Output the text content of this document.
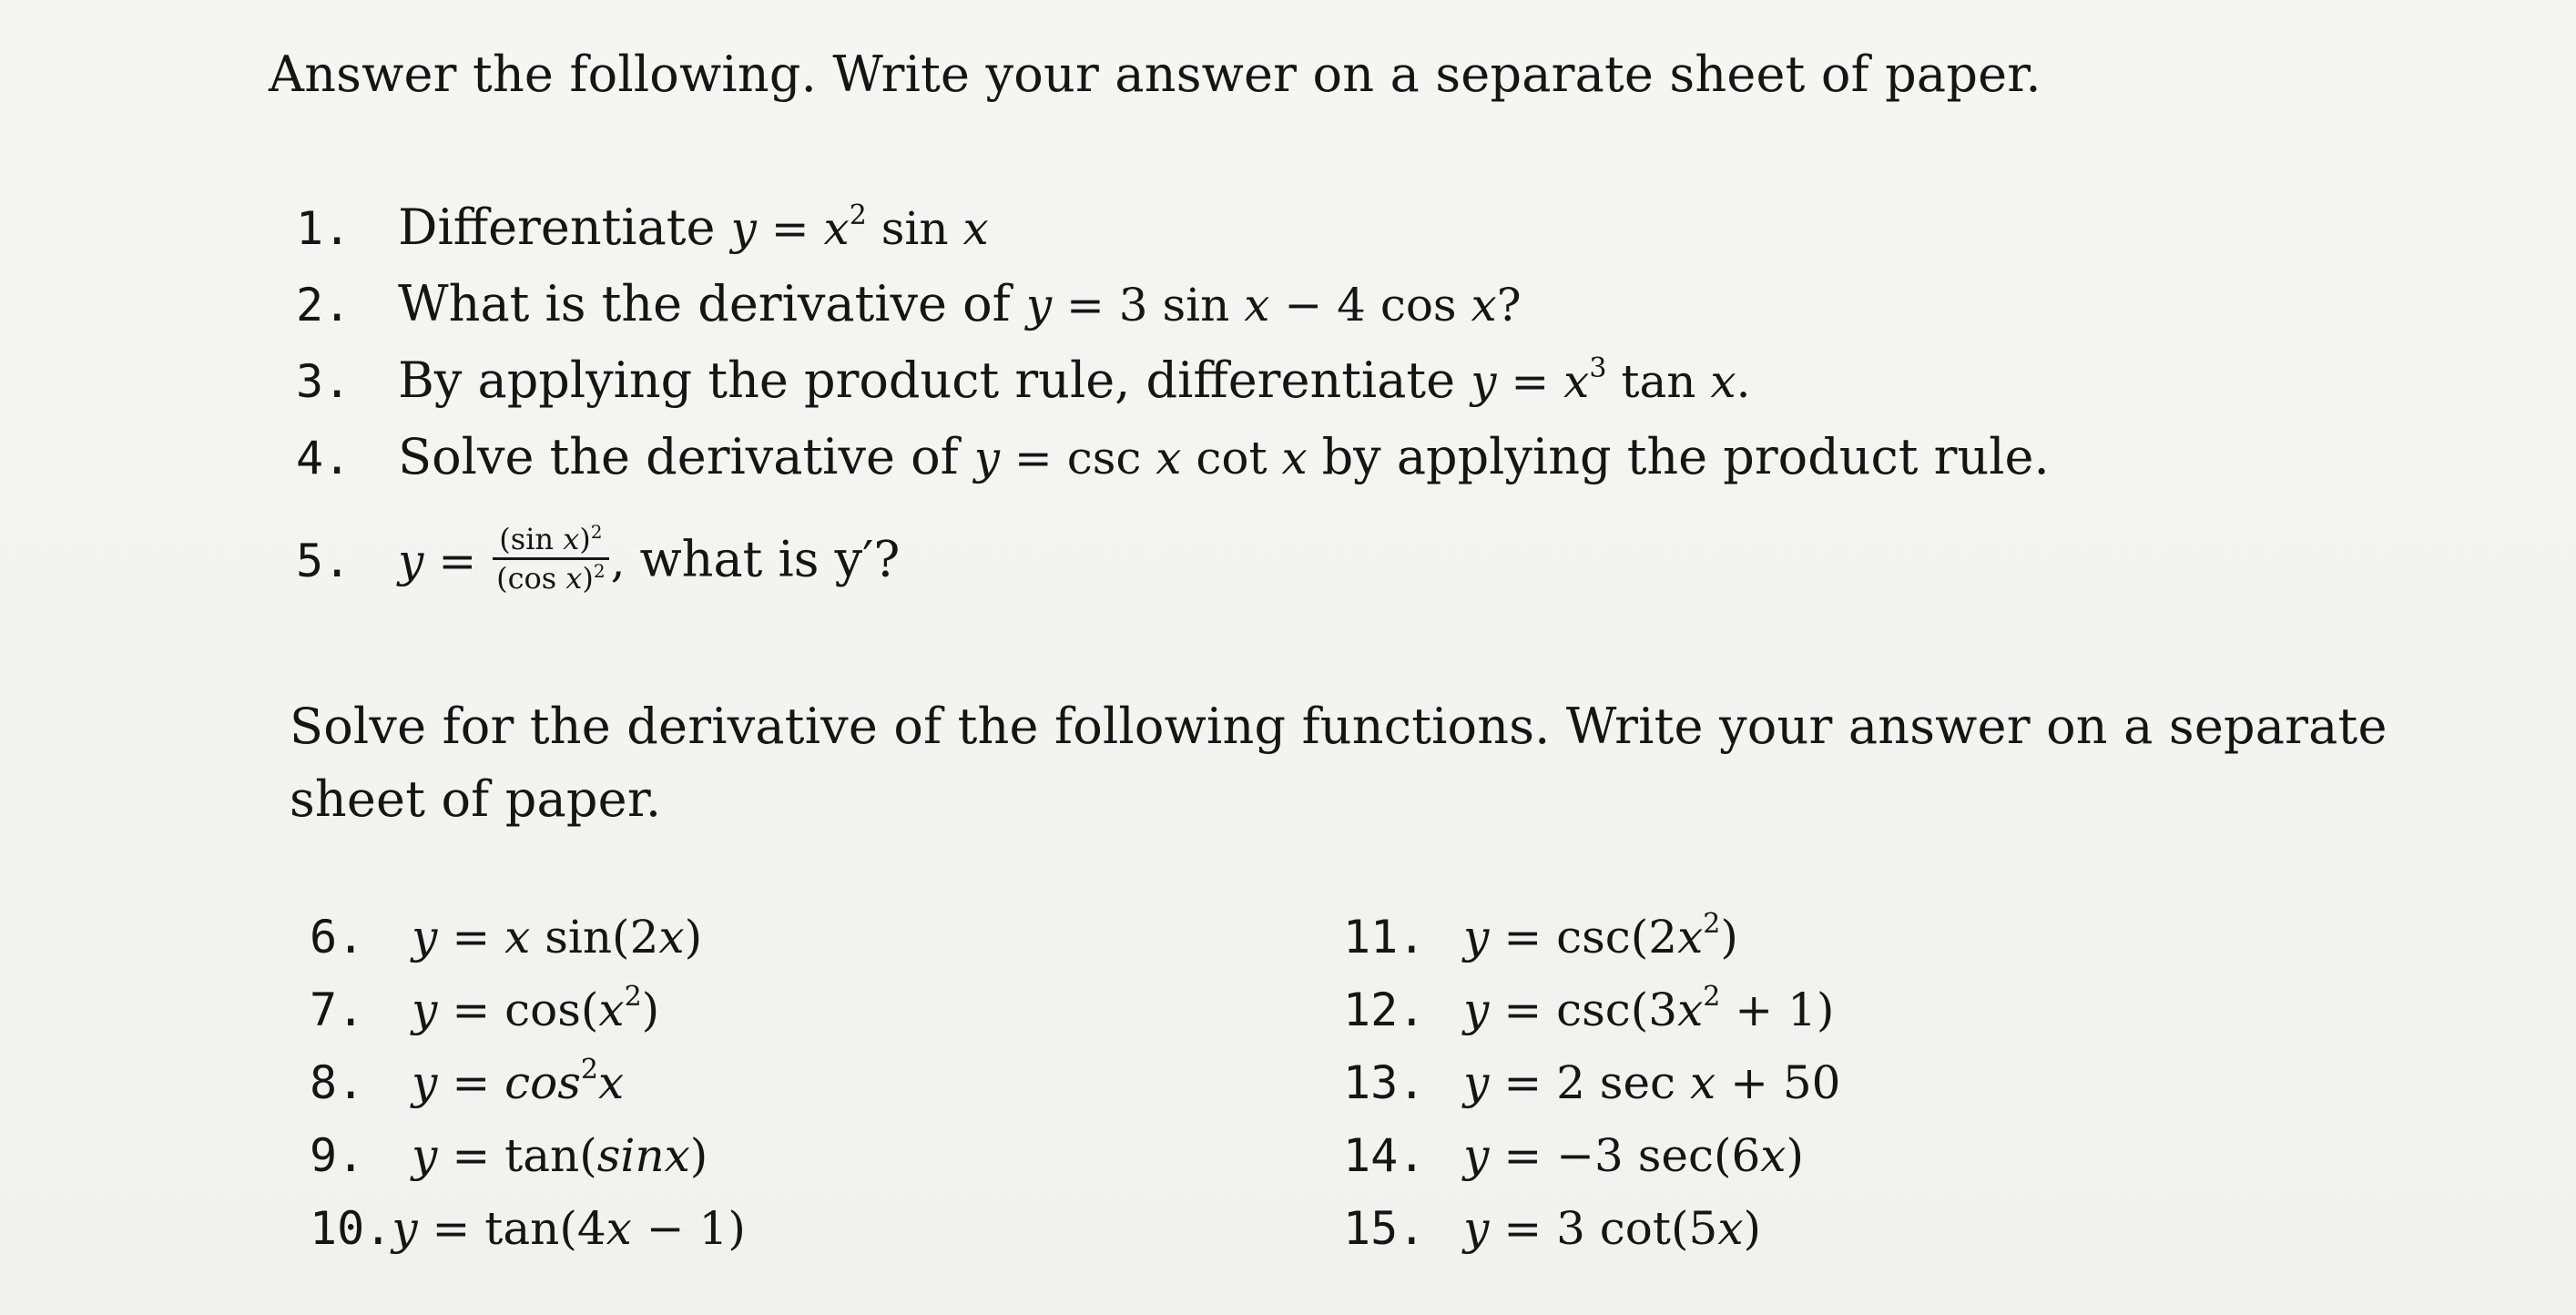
Answer the following. Write your answer on a separate sheet of paper.
1. Differentiate $y = x^2$ sin x
2. What is the derivative of y = 3 sin x − 4 cos x?
3. By applying the product rule, differentiate $y = x^3$ tan x.
4. Solve the derivative of y = csc x cot x by applying the product rule.
5. $y = \frac{(\sin x)^2}{(\cos x)^2}$ , what is y′?
Solve for the derivative of the following functions. Write your answer on a separate sheet of paper.
6. y = x sin(2x)
7. $y = \cos(x^2)$
8. $y = \cos^2x$
9. y = tan(sinx)
10.y = tan(4x − 1)
11. $y = \csc(2x^2)$
12. $y = \csc(3x^2 + 1)$
13. y = 2 sec x + 50
14. y = −3 sec(6x)
15. y = 3 cot(5x)
